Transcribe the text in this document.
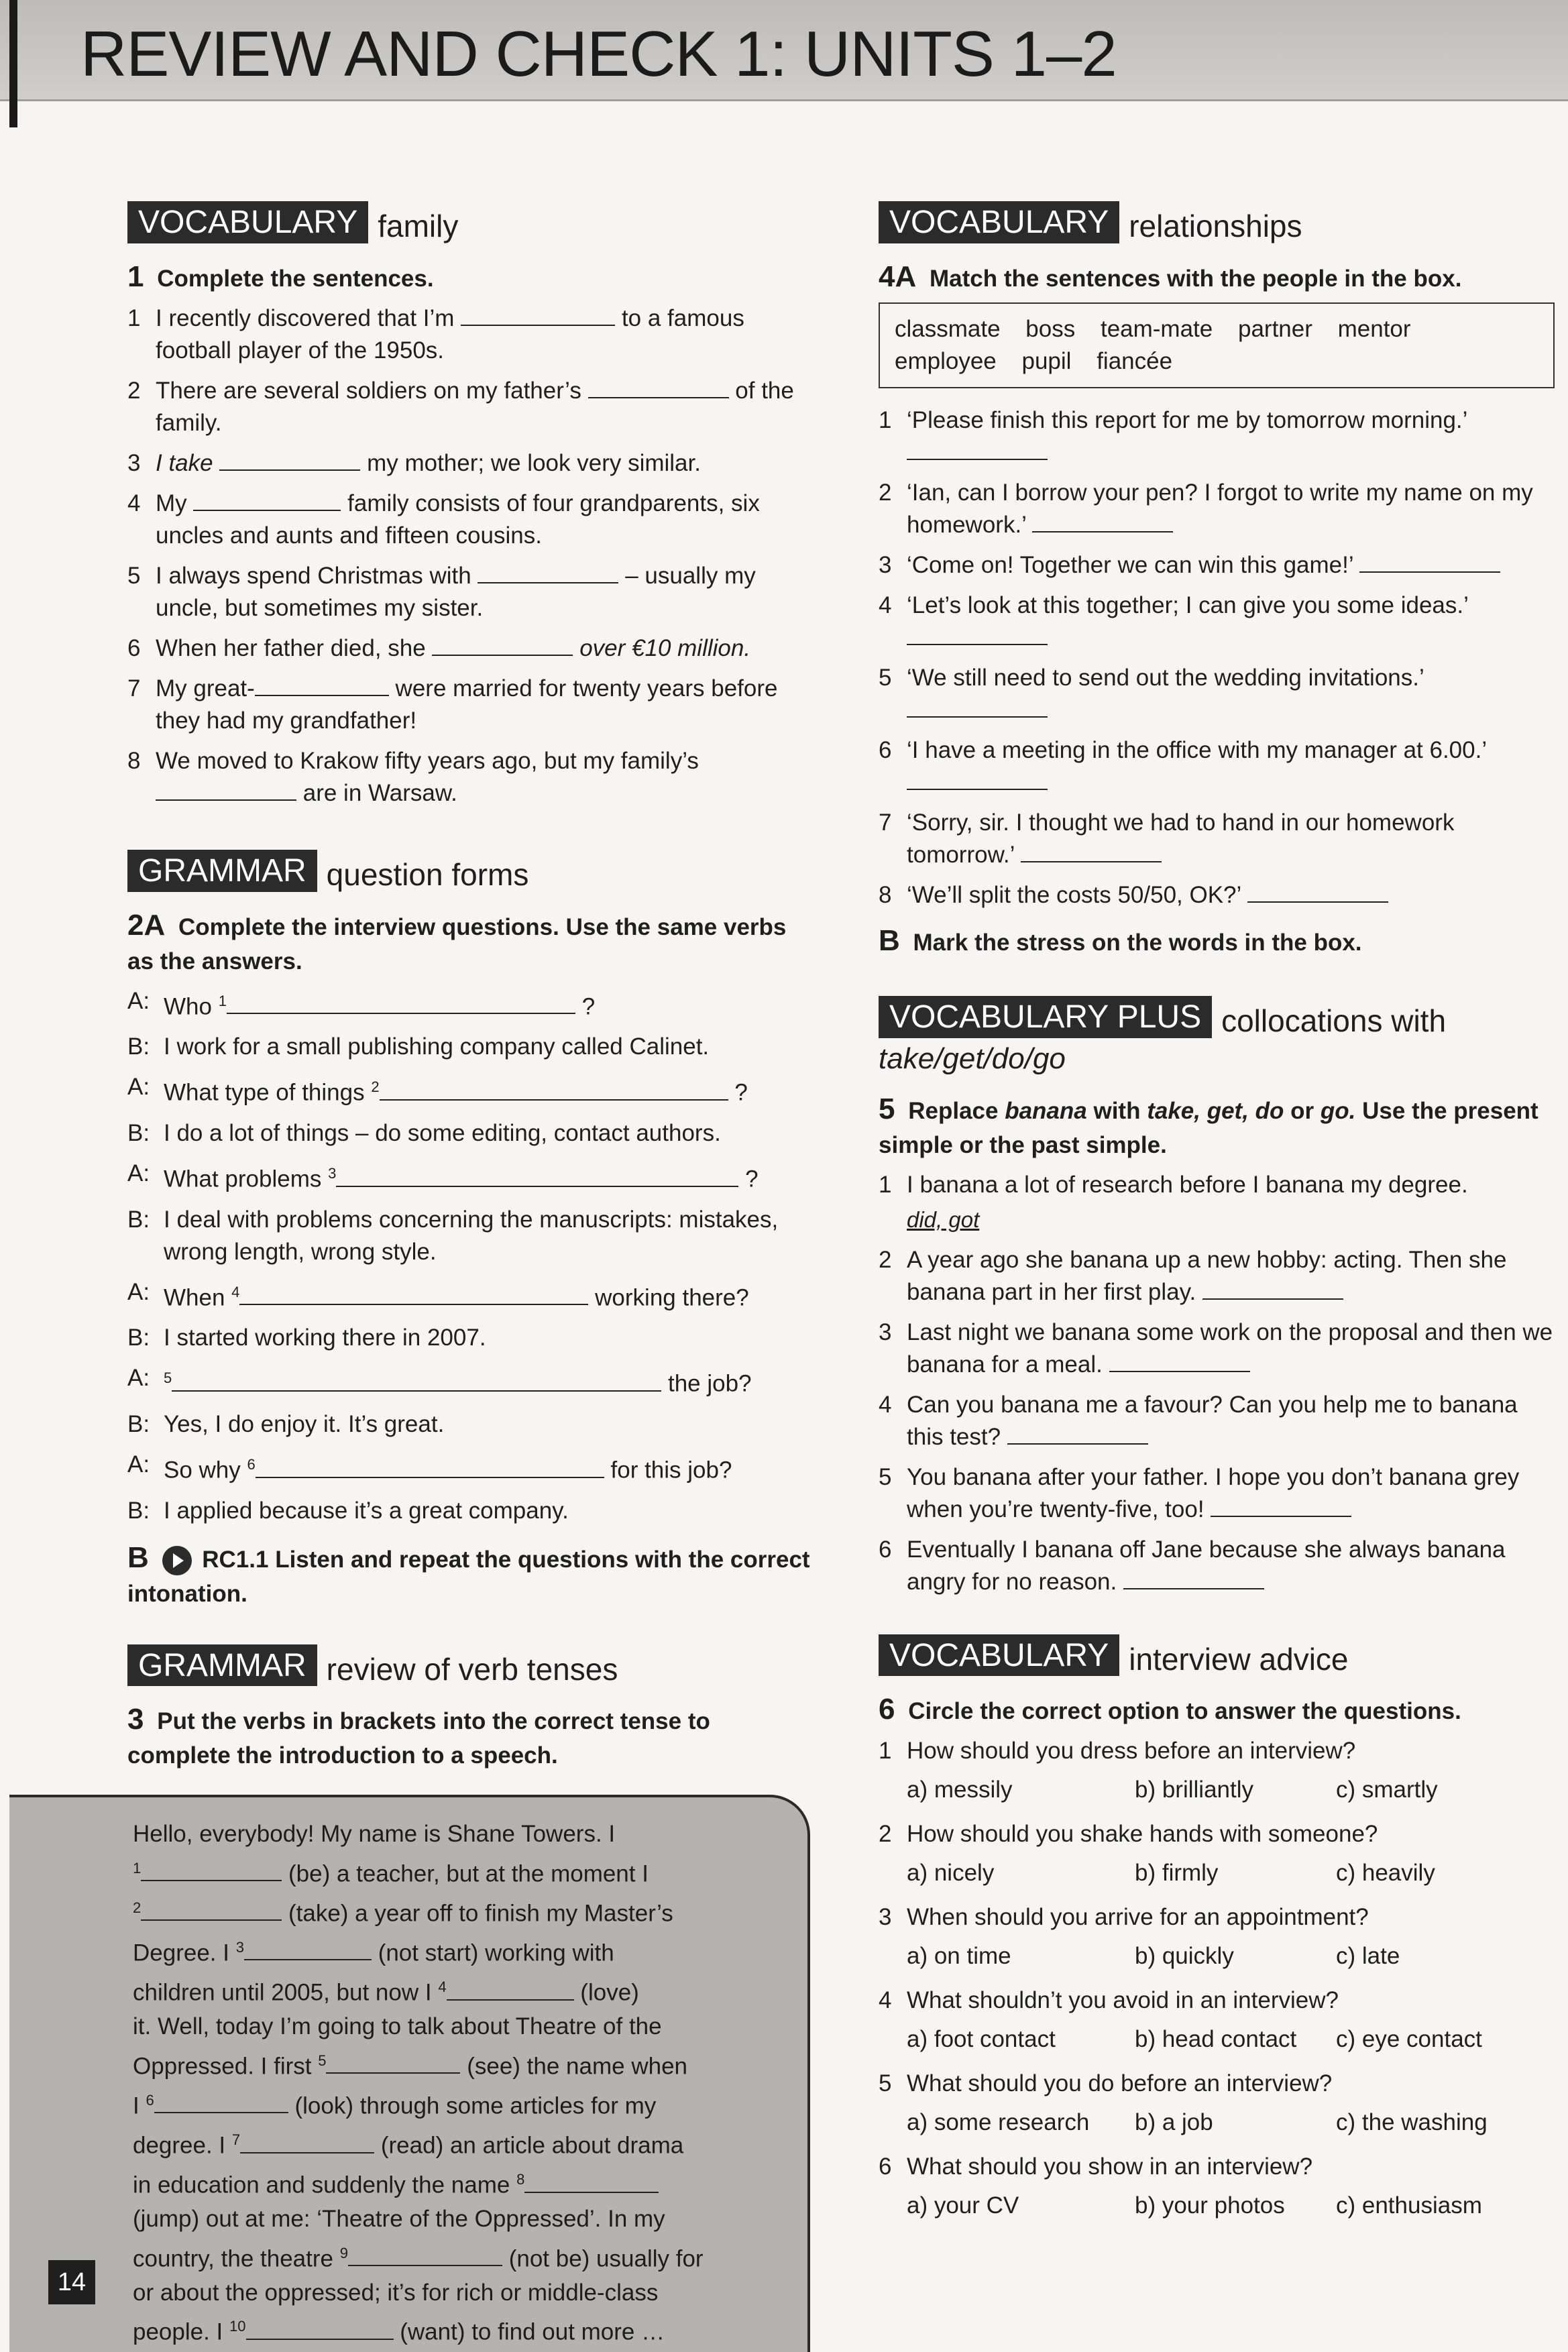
REVIEW AND CHECK 1: UNITS 1–2
VOCABULARY family
1 Complete the sentences.
1 I recently discovered that I’m	to a famous football player of the 1950s.
2 There are several soldiers on my father’s	of the family.
3 I take	my mother; we look very similar.
4 My	family consists of four grandparents, six uncles and aunts and fifteen cousins.
5 I always spend Christmas with	– usually my uncle, but sometimes my sister.
6 When her father died, she	over €10 million.
7 My great-	were married for twenty years before they had my grandfather!
8 We moved to Krakow fifty years ago, but my family’s  are in Warsaw.
GRAMMAR question forms
2A Complete the interview questions. Use the same verbs as the answers.
A: Who $^1$	?
B: I work for a small publishing company called Calinet.
A: What type of things $^2$	?
B: I do a lot of things – do some editing, contact authors.
A: What problems $^3$	?
B: I deal with problems concerning the manuscripts: mistakes, wrong length, wrong style.
A: When $^4$	working there?
B: I started working there in 2007.
A: $^5$	the job?
B: Yes, I do enjoy it. It’s great.
A: So why $^6$	for this job?
B: I applied because it’s a great company.
B RC1.1 Listen and repeat the questions with the correct intonation.
GRAMMAR review of verb tenses
3 Put the verbs in brackets into the correct tense to complete the introduction to a speech.
Hello, everybody! My name is Shane Towers. I
$^1$	(be) a teacher, but at the moment I
$^2$	(take) a year off to finish my Master’s
Degree. I $^3$	(not start) working with
children until 2005, but now I $^4$	(love)
it. Well, today I’m going to talk about Theatre of the
Oppressed. I first $^5$	(see) the name when
I $^6$	(look) through some articles for my
degree. I $^7$	(read) an article about drama
in education and suddenly the name $^8$
(jump) out at me: ‘Theatre of the Oppressed’. In my
country, the theatre $^9$	(not be) usually for
or about the oppressed; it’s for rich or middle-class
people. I $^{10}$	(want) to find out more …
14
VOCABULARY relationships
4A Match the sentences with the people in the box.
classmate boss team-mate partner mentor
employee pupil fiancée
1 ‘Please finish this report for me by tomorrow morning.’

2 ‘Ian, can I borrow your pen? I forgot to write my name on my homework.’
3 ‘Come on! Together we can win this game!’
4 ‘Let’s look at this together; I can give you some ideas.’

5 ‘We still need to send out the wedding invitations.’

6 ‘I have a meeting in the office with my manager at 6.00.’

7 ‘Sorry, sir. I thought we had to hand in our homework tomorrow.’
8 ‘We’ll split the costs 50/50, OK?’
B Mark the stress on the words in the box.
VOCABULARY PLUS collocations with
take/get/do/go
5 Replace banana with take, get, do or go. Use the present simple or the past simple.
1 I banana a lot of research before I banana my degree.
did, got
2 A year ago she banana up a new hobby: acting. Then she banana part in her first play.
3 Last night we banana some work on the proposal and then we banana for a meal.
4 Can you banana me a favour? Can you help me to banana this test?
5 You banana after your father. I hope you don’t banana grey when you’re twenty-five, too!
6 Eventually I banana off Jane because she always banana angry for no reason.
VOCABULARY interview advice
6 Circle the correct option to answer the questions.
1 How should you dress before an interview?
a) messily	b) brilliantly	c) smartly
2 How should you shake hands with someone?
a) nicely	b) firmly	c) heavily
3 When should you arrive for an appointment?
a) on time	b) quickly	c) late
4 What shouldn’t you avoid in an interview?
a) foot contact	b) head contact	c) eye contact
5 What should you do before an interview?
a) some research	b) a job	c) the washing
6 What should you show in an interview?
a) your CV	b) your photos	c) enthusiasm
